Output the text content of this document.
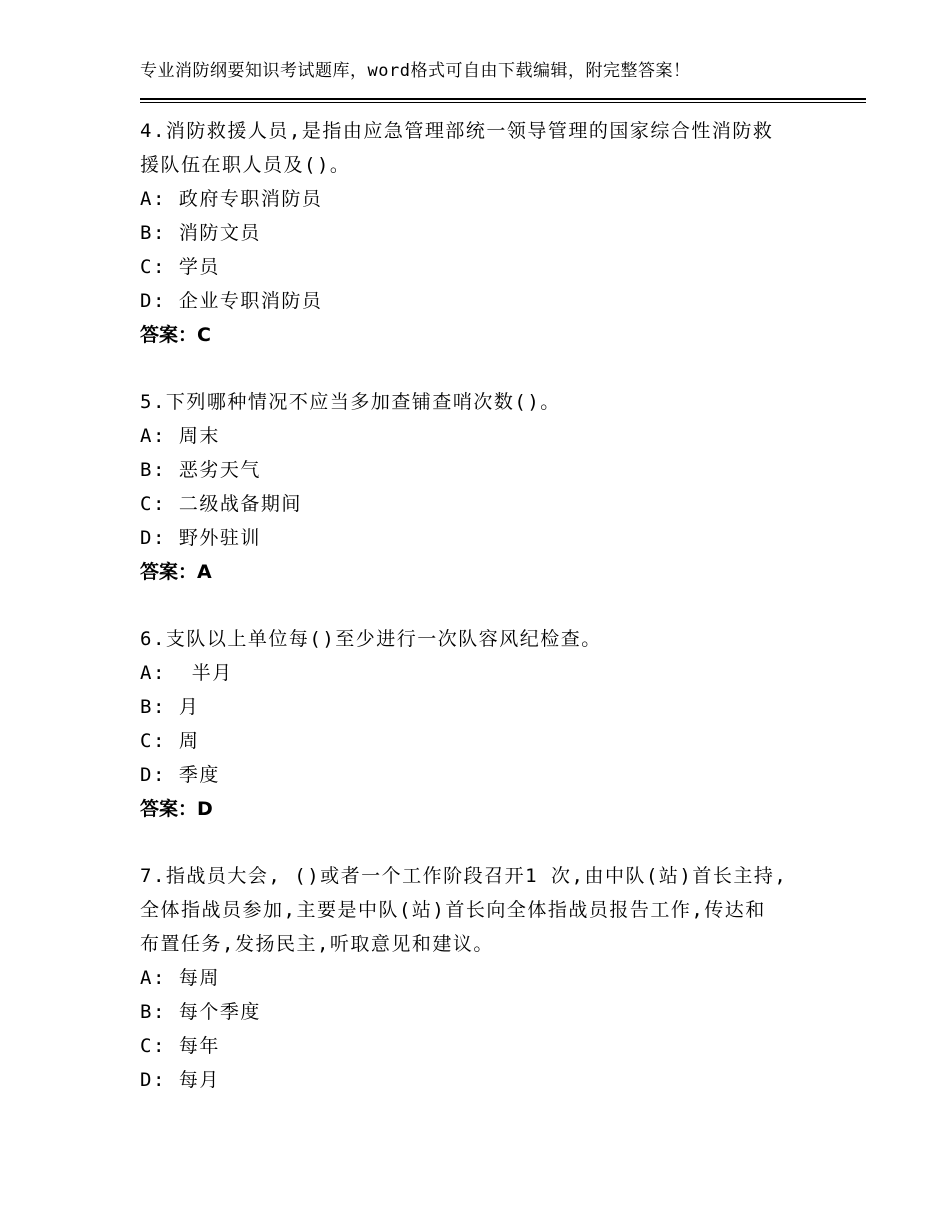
专业消防纲要知识考试题库，word格式可自由下载编辑，附完整答案！

4.消防救援人员,是指由应急管理部统一领导管理的国家综合性消防救

援队伍在职人员及()。

A: 政府专职消防员

B: 消防文员

C: 学员

D: 企业专职消防员

答案：C

5.下列哪种情况不应当多加查铺查哨次数()。

A: 周末

B: 恶劣天气

C: 二级战备期间

D: 野外驻训

答案：A

6.支队以上单位每()至少进行一次队容风纪检查。

A:  半月

B: 月

C: 周

D: 季度

答案：D

7.指战员大会, ()或者一个工作阶段召开1 次,由中队(站)首长主持,

全体指战员参加,主要是中队(站)首长向全体指战员报告工作,传达和

布置任务,发扬民主,听取意见和建议。

A: 每周

B: 每个季度

C: 每年

D: 每月
